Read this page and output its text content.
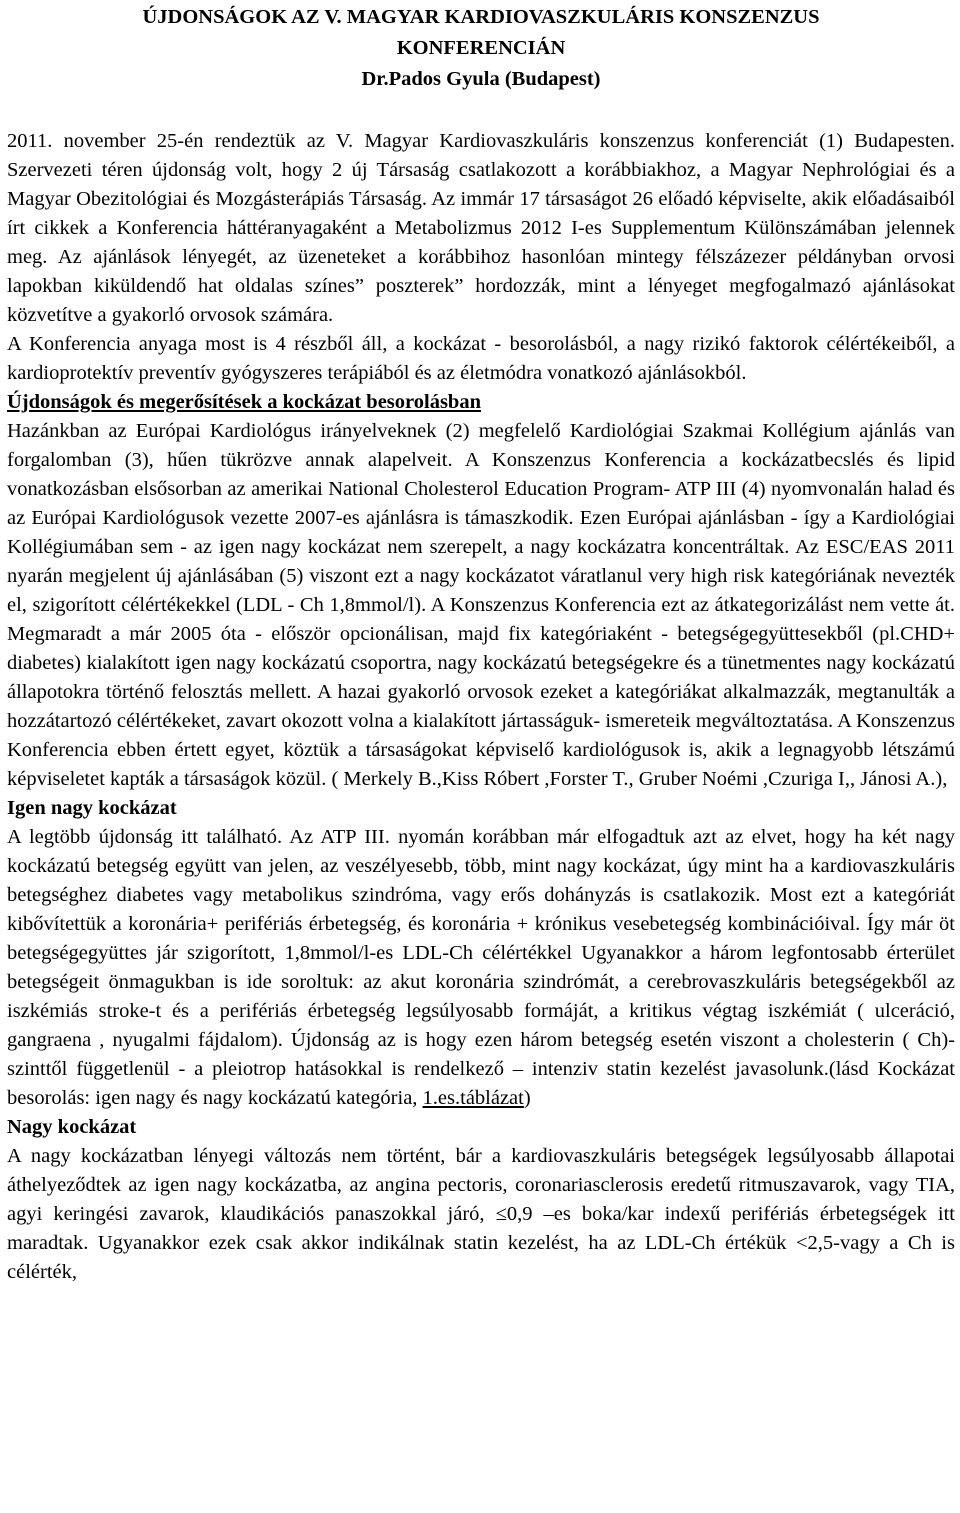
ÚJDONSÁGOK AZ V. MAGYAR KARDIOVASZKULÁRIS KONSZENZUS
KONFERENCIÁN
Dr.Pados Gyula (Budapest)

2011. november 25-én rendeztük az V. Magyar Kardiovaszkuláris konszenzus konferenciát (1) Budapesten. Szervezeti téren újdonság volt, hogy 2 új Társaság csatlakozott a korábbiakhoz, a Magyar Nephrológiai és a Magyar Obezitológiai és Mozgásterápiás Társaság. Az immár 17 társaságot 26 előadó képviselte, akik előadásaiból írt cikkek a Konferencia háttéranyagaként a Metabolizmus 2012 I-es Supplementum Különszámában jelennek meg. Az ajánlások lényegét, az üzeneteket a korábbihoz hasonlóan mintegy félszázezer példányban orvosi lapokban kiküldendő hat oldalas színes” poszterek” hordozzák, mint a lényeget megfogalmazó ajánlásokat közvetítve a gyakorló orvosok számára.

A Konferencia anyaga most is 4 részből áll, a kockázat - besorolásból, a nagy rizikó faktorok célértékeiből, a kardioprotektív preventív gyógyszeres terápiából és az életmódra vonatkozó ajánlásokból.

Újdonságok és megerősítések a kockázat besorolásban

Hazánkban az Európai Kardiológus irányelveknek (2) megfelelő Kardiológiai Szakmai Kollégium ajánlás van forgalomban (3), hűen tükrözve annak alapelveit. A Konszenzus Konferencia a kockázatbecslés és lipid vonatkozásban elsősorban az amerikai National Cholesterol Education Program- ATP III (4) nyomvonalán halad és az Európai Kardiológusok vezette 2007-es ajánlásra is támaszkodik. Ezen Európai ajánlásban - így a Kardiológiai Kollégiumában sem - az igen nagy kockázat nem szerepelt, a nagy kockázatra koncentráltak. Az ESC/EAS 2011 nyarán megjelent új ajánlásában (5) viszont ezt a nagy kockázatot váratlanul very high risk kategóriának nevezték el, szigorított célértékekkel (LDL - Ch 1,8mmol/l). A Konszenzus Konferencia ezt az átkategorizálást nem vette át. Megmaradt a már 2005 óta - először opcionálisan, majd fix kategóriaként - betegségegyüttesekből (pl.CHD+ diabetes) kialakított igen nagy kockázatú csoportra, nagy kockázatú betegségekre és a tünetmentes nagy kockázatú állapotokra történő felosztás mellett. A hazai gyakorló orvosok ezeket a kategóriákat alkalmazzák, megtanulták a hozzátartozó célértékeket, zavart okozott volna a kialakított jártasságuk- ismereteik megváltoztatása. A Konszenzus Konferencia ebben értett egyet, köztük a társaságokat képviselő kardiológusok is, akik a legnagyobb létszámú képviseletet kapták a társaságok közül. ( Merkely B.,Kiss Róbert ,Forster T., Gruber Noémi ,Czuriga I,, Jánosi A.),

Igen nagy kockázat

A legtöbb újdonság itt található. Az ATP III. nyomán korábban már elfogadtuk azt az elvet, hogy ha két nagy kockázatú betegség együtt van jelen, az veszélyesebb, több, mint nagy kockázat, úgy mint ha a kardiovaszkuláris betegséghez diabetes vagy metabolikus szindróma, vagy erős dohányzás is csatlakozik. Most ezt a kategóriát kibővítettük a koronária+ perifériás érbetegség, és koronária + krónikus vesebetegség kombinációival. Így már öt betegségegyüttes jár szigorított, 1,8mmol/l-es LDL-Ch célértékkel Ugyanakkor a három legfontosabb érterület betegségeit önmagukban is ide soroltuk: az akut koronária szindrómát, a cerebrovaszkuláris betegségekből az iszkémiás stroke-t és a perifériás érbetegség legsúlyosabb formáját, a kritikus végtag iszkémiát ( ulceráció, gangraena , nyugalmi fájdalom). Újdonság az is hogy ezen három betegség esetén viszont a cholesterin ( Ch)-szinttől függetlenül - a pleiotrop hatásokkal is rendelkező – intenziv statin kezelést javasolunk.(lásd Kockázat besorolás: igen nagy és nagy kockázatú kategória, 1.es.táblázat)

Nagy kockázat

A nagy kockázatban lényegi változás nem történt, bár a kardiovaszkuláris betegségek legsúlyosabb állapotai áthelyeződtek az igen nagy kockázatba, az angina pectoris, coronariasclerosis eredetű ritmuszavarok, vagy TIA, agyi keringési zavarok, klaudikációs panaszokkal járó, ≤0,9 –es boka/kar indexű perifériás érbetegségek itt maradtak. Ugyanakkor ezek csak akkor indikálnak statin kezelést, ha az LDL-Ch értékük <2,5-vagy a Ch is célérték,
